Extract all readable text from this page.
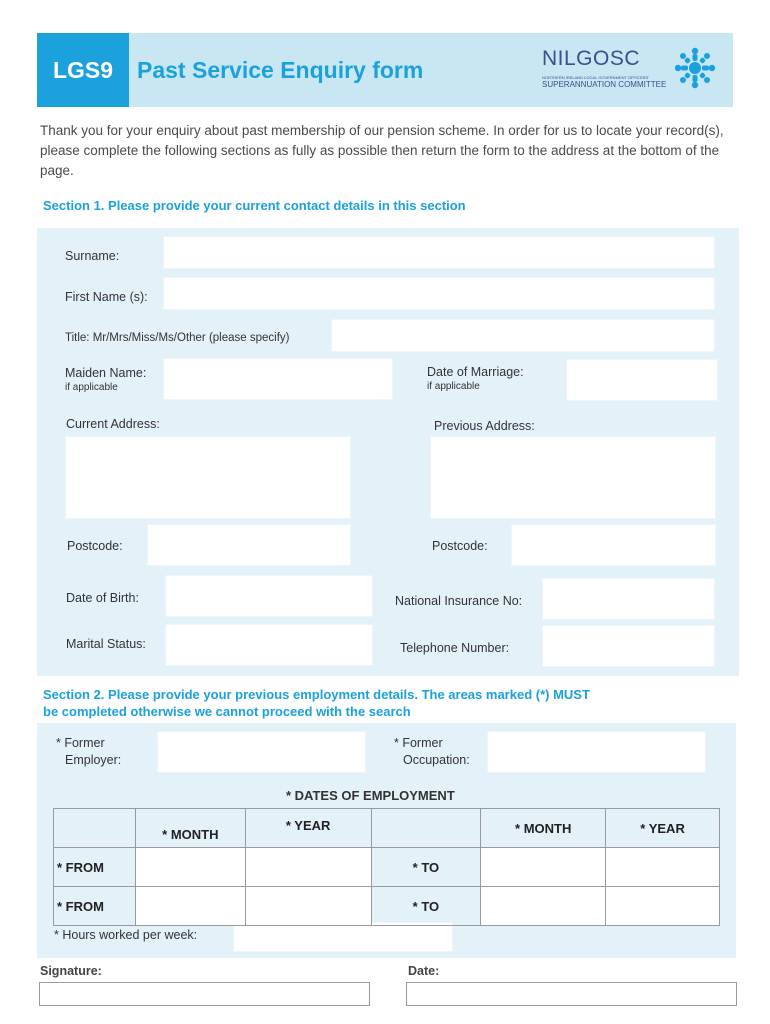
LGS9	Past Service Enquiry form	NILGOSC
NORTHERN IRELAND LOCAL GOVERNMENT OFFICERS'
SUPERANNUATION COMMITTEE

Thank you for your enquiry about past membership of our pension scheme. In order for us to locate your record(s), please complete the following sections as fully as possible then return the form to the address at the bottom of the page.

Section 1. Please provide your current contact details in this section
Surname:
First Name (s):
Title: Mr/Mrs/Miss/Ms/Other (please specify)
Maiden Name:
if applicable
Date of Marriage:
if applicable
Current Address:	Previous Address:
Postcode:	Postcode:
Date of Birth:	National Insurance No:
Marital Status:	Telephone Number:
Section 2. Please provide your previous employment details. The areas marked (*) MUST
be completed otherwise we cannot proceed with the search
* Former
Employer:
* Former
Occupation:
* DATES OF EMPLOYMENT
* Hours worked per week:
	* MONTH	* YEAR		* MONTH	* YEAR
* FROM			* TO		
* FROM			* TO		
Signature:	Date:
